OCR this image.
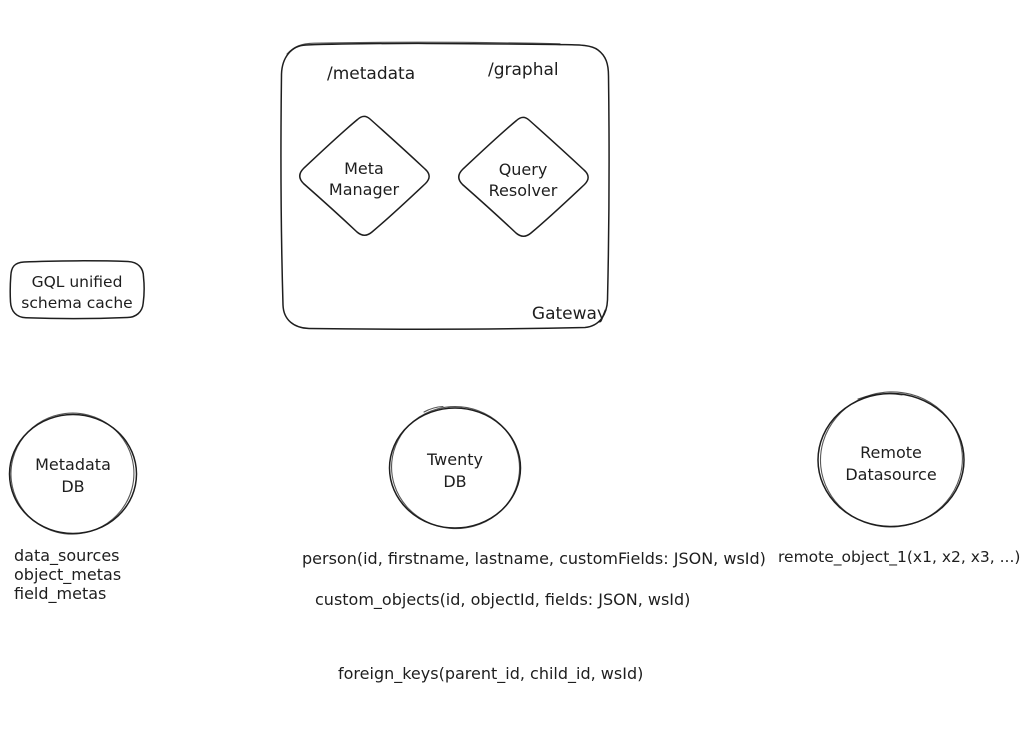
/metadata	/graphal
Meta
Manager
Query
Resolver
Gateway
GQL unified
schema cache
Metadata
DB
data_sources
object_metas
field_metas
Twenty
DB
person(id, firstname, lastname, customFields: JSON, wsId)
custom_objects(id, objectId, fields: JSON, wsId)
foreign_keys(parent_id, child_id, wsId)
Remote
Datasource
remote_object_1(x1, x2, x3, ...)
